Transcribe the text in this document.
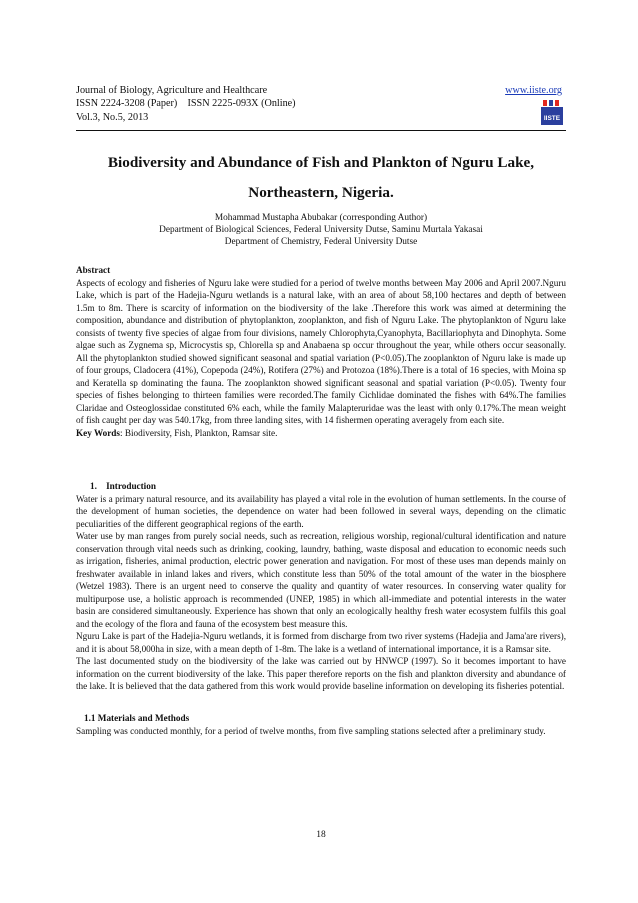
Journal of Biology, Agriculture and Healthcare
ISSN 2224-3208 (Paper)    ISSN 2225-093X (Online)
Vol.3, No.5, 2013
www.iiste.org
IISTE
Biodiversity and Abundance of Fish and Plankton of Nguru Lake,
Northeastern, Nigeria.
Mohammad Mustapha Abubakar (corresponding Author)
Department of Biological Sciences, Federal University Dutse, Saminu Murtala Yakasai
Department of Chemistry, Federal University Dutse

Abstract

Aspects of ecology and fisheries of Nguru lake were studied for a period of twelve months between May 2006 and April 2007.Nguru Lake, which is part of the Hadejia-Nguru wetlands is a natural lake, with an area of about 58,100 hectares and depth of between 1.5m to 8m. There is scarcity of information on the biodiversity of the lake .Therefore this work was aimed at determining the composition, abundance and distribution of phytoplankton, zooplankton, and fish of Nguru Lake. The phytoplankton of Nguru lake consists of twenty five species of algae from four divisions, namely Chlorophyta,Cyanophyta, Bacillariophyta and Dinophyta. Some algae such as Zygnema sp, Microcystis sp, Chlorella sp and Anabaena sp occur throughout the year, while others occur seasonally. All the phytoplankton studied showed significant seasonal and spatial variation (P<0.05).The zooplankton of Nguru lake is made up of four groups, Cladocera (41%), Copepoda (24%), Rotifera (27%) and Protozoa (18%).There is a total of 16 species, with Moina sp and Keratella sp dominating the fauna. The zooplankton showed significant seasonal and spatial variation (P<0.05). Twenty four species of fishes belonging to thirteen families were recorded.The family Cichlidae dominated the fishes with 64%.The families Claridae and Osteoglossidae constituted 6% each, while the family Malapteruridae was the least with only 0.17%.The mean weight of fish caught per day was 540.17kg, from three landing sites, with 14 fishermen operating averagely from each site.

Key Words: Biodiversity, Fish, Plankton, Ramsar site.

1.    Introduction

Water is a primary natural resource, and its availability has played a vital role in the evolution of human settlements. In the course of the development of human societies, the dependence on water had been followed in several ways, depending on the climatic peculiarities of the different geographical regions of the earth.

Water use by man ranges from purely social needs, such as recreation, religious worship, regional/cultural identification and nature conservation through vital needs such as drinking, cooking, laundry, bathing, waste disposal and education to economic needs such as irrigation, fisheries, animal production, electric power generation and navigation. For most of these uses man depends mainly on freshwater available in inland lakes and rivers, which constitute less than 50% of the total amount of the water in the biosphere (Wetzel 1983). There is an urgent need to conserve the quality and quantity of water resources. In conserving water quality for multipurpose use, a holistic approach is recommended (UNEP, 1985) in which all-immediate and potential interests in the water basin are considered simultaneously. Experience has shown that only an ecologically healthy fresh water ecosystem fulfils this goal and the ecology of the flora and fauna of the ecosystem best measure this.

Nguru Lake is part of the Hadejia-Nguru wetlands, it is formed from discharge from two river systems (Hadejia and Jama'are rivers), and it is about 58,000ha in size, with a mean depth of 1-8m. The lake is a wetland of international importance, it is a Ramsar site.

The last documented study on the biodiversity of the lake was carried out by HNWCP (1997). So it becomes important to have information on the current biodiversity of the lake. This paper therefore reports on the fish and plankton diversity and abundance of the lake. It is believed that the data gathered from this work would provide baseline information on developing its fisheries potential.

1.1 Materials and Methods

Sampling was conducted monthly, for a period of twelve months, from five sampling stations selected after a preliminary study.

18
